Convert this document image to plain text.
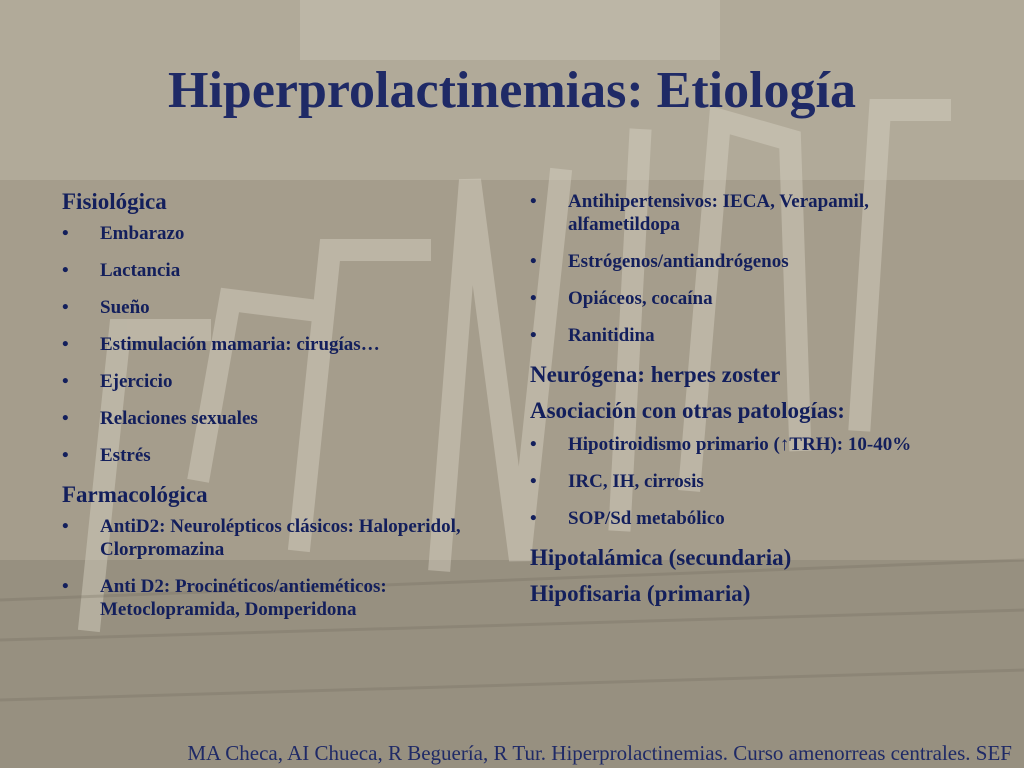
Hiperprolactinemias: Etiología
Fisiológica
• Embarazo
• Lactancia
• Sueño
• Estimulación mamaria: cirugías…
• Ejercicio
• Relaciones sexuales
• Estrés
Farmacológica
• AntiD2: Neurolépticos clásicos: Haloperidol, Clorpromazina
• Anti D2: Procinéticos/antieméticos: Metoclopramida, Domperidona
• Antihipertensivos: IECA, Verapamil, alfametildopa
• Estrógenos/antiandrógenos
• Opiáceos, cocaína
• Ranitidina
Neurógena: herpes zoster
Asociación con otras patologías:
• Hipotiroidismo primario (↑TRH): 10-40%
• IRC, IH, cirrosis
• SOP/Sd metabólico
Hipotalámica (secundaria)
Hipofisaria (primaria)
MA Checa, AI Chueca, R Beguería, R Tur. Hiperprolactinemias. Curso amenorreas centrales. SEF
